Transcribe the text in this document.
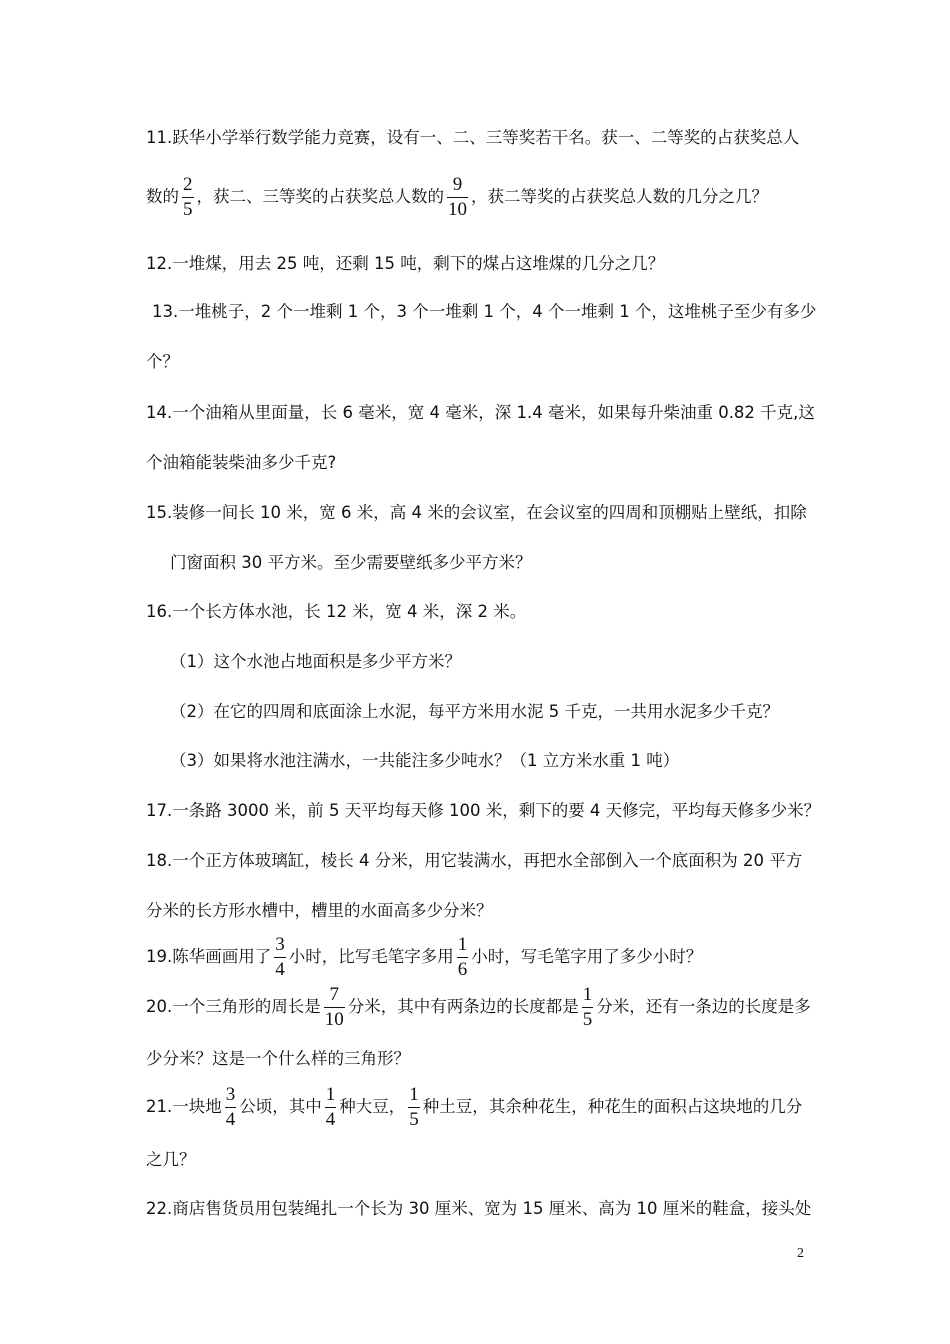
11.跃华小学举行数学能力竞赛，设有一、二、三等奖若干名。获一、二等奖的占获奖总人
数的 $\frac{2}{5}$ ，获二、三等奖的占获奖总人数的 $\frac{9}{10}$ ，获二等奖的占获奖总人数的几分之几？
12.一堆煤，用去 25 吨，还剩 15 吨，剩下的煤占这堆煤的几分之几？
13.一堆桃子，2 个一堆剩 1 个，3 个一堆剩 1 个，4 个一堆剩 1 个，这堆桃子至少有多少
个？
14.一个油箱从里面量，长 6 毫米，宽 4 毫米，深 1.4 毫米，如果每升柴油重 0.82 千克,这
个油箱能装柴油多少千克?
15.装修一间长 10 米，宽 6 米，高 4 米的会议室，在会议室的四周和顶棚贴上壁纸，扣除
门窗面积 30 平方米。至少需要壁纸多少平方米？
16.一个长方体水池，长 12 米，宽 4 米，深 2 米。
（1）这个水池占地面积是多少平方米？
（2）在它的四周和底面涂上水泥，每平方米用水泥 5 千克，一共用水泥多少千克？
（3）如果将水池注满水，一共能注多少吨水？（1 立方米水重 1 吨）
17.一条路 3000 米，前 5 天平均每天修 100 米，剩下的要 4 天修完，平均每天修多少米？
18.一个正方体玻璃缸，棱长 4 分米，用它装满水，再把水全部倒入一个底面积为 20 平方
分米的长方形水槽中，槽里的水面高多少分米？
19.陈华画画用了 $\frac{3}{4}$ 小时，比写毛笔字多用 $\frac{1}{6}$ 小时，写毛笔字用了多少小时？
20.一个三角形的周长是 $\frac{7}{10}$ 分米，其中有两条边的长度都是 $\frac{1}{5}$ 分米，还有一条边的长度是多
少分米？这是一个什么样的三角形？
21.一块地 $\frac{3}{4}$ 公顷，其中 $\frac{1}{4}$ 种大豆， $\frac{1}{5}$ 种土豆，其余种花生，种花生的面积占这块地的几分
之几？
22.商店售货员用包装绳扎一个长为 30 厘米、宽为 15 厘米、高为 10 厘米的鞋盒，接头处
2
